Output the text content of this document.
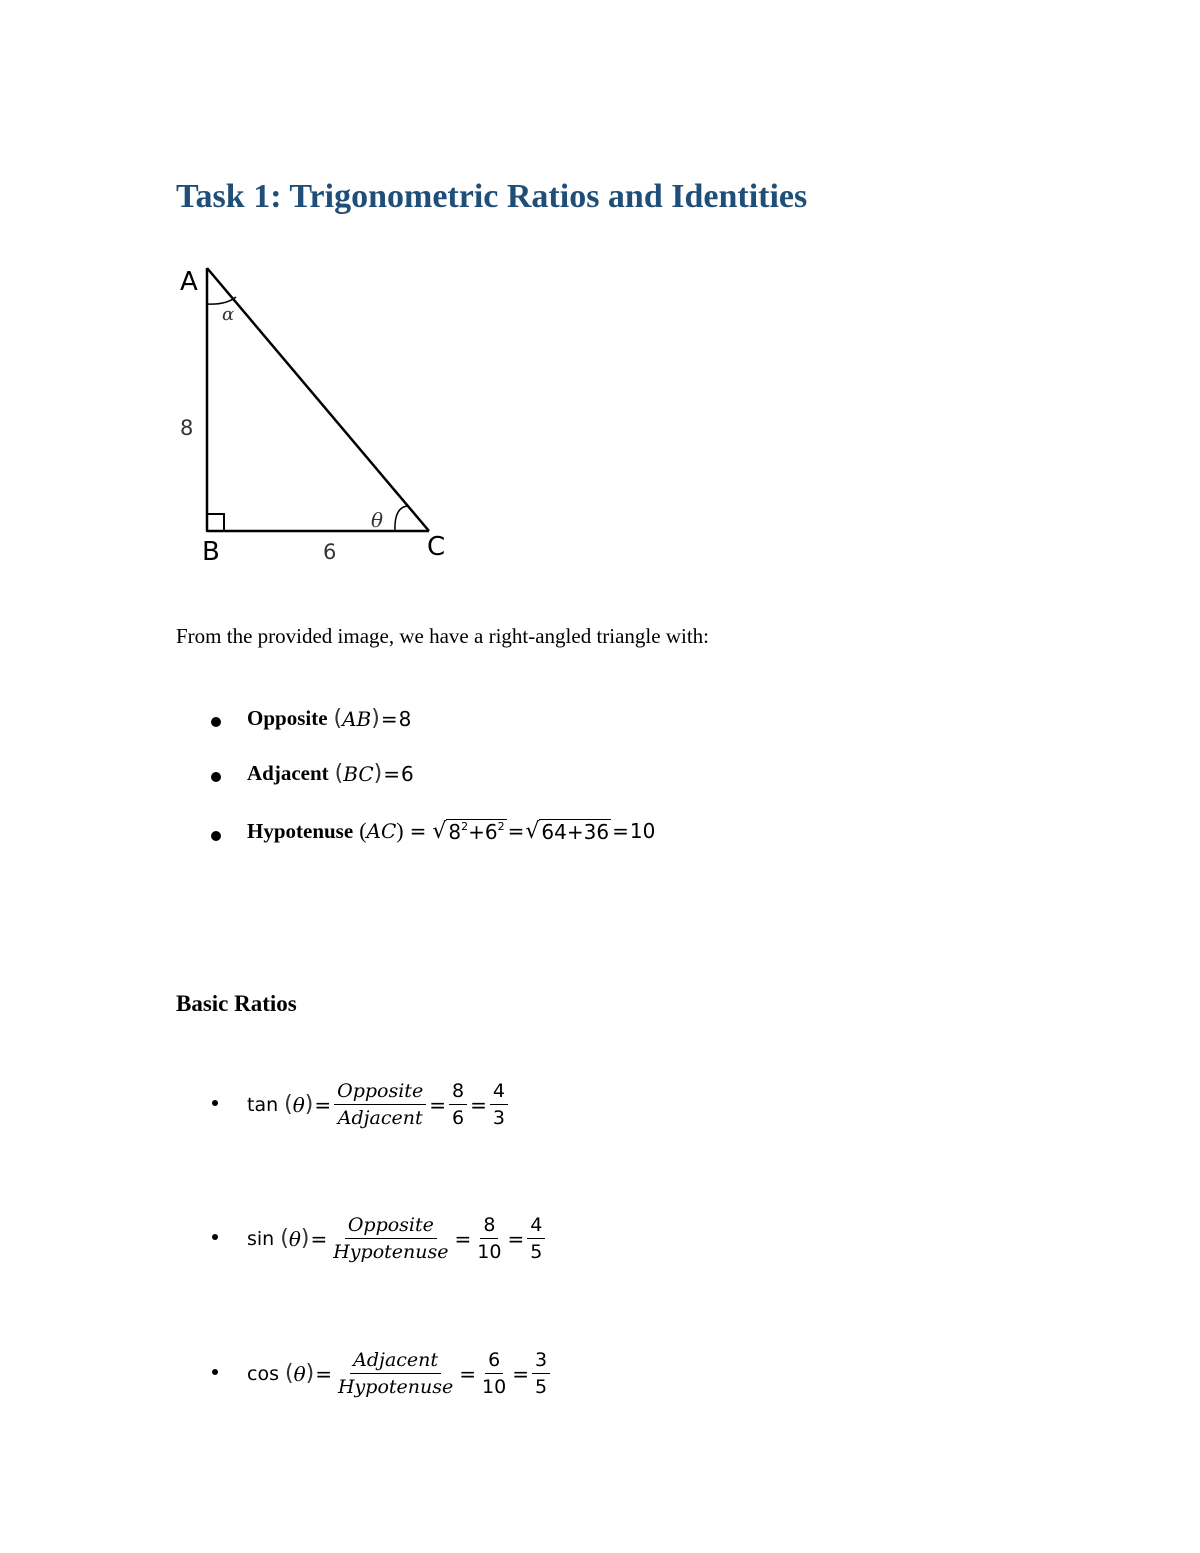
Task 1: Trigonometric Ratios and Identities
A
B	C
α
θ
8
6
From the provided image, we have a right-angled triangle with:
Opposite ( AB ) = 8
Adjacent ( BC ) = 6
Hypotenuse ( AC ) = √ $8^2+6^2$ = √ 64+36 = 10
Basic Ratios
tan ( θ ) = $\frac{\text{Opposite}}{\text{Adjacent}} = \frac{8}{6} = \frac{4}{3}$
sin ( θ ) = $\frac{\text{Opposite}}{\text{Hypotenuse}} = \frac{8}{10} = \frac{4}{5}$
cos ( θ ) = $\frac{\text{Adjacent}}{\text{Hypotenuse}} = \frac{6}{10} = \frac{3}{5}$
